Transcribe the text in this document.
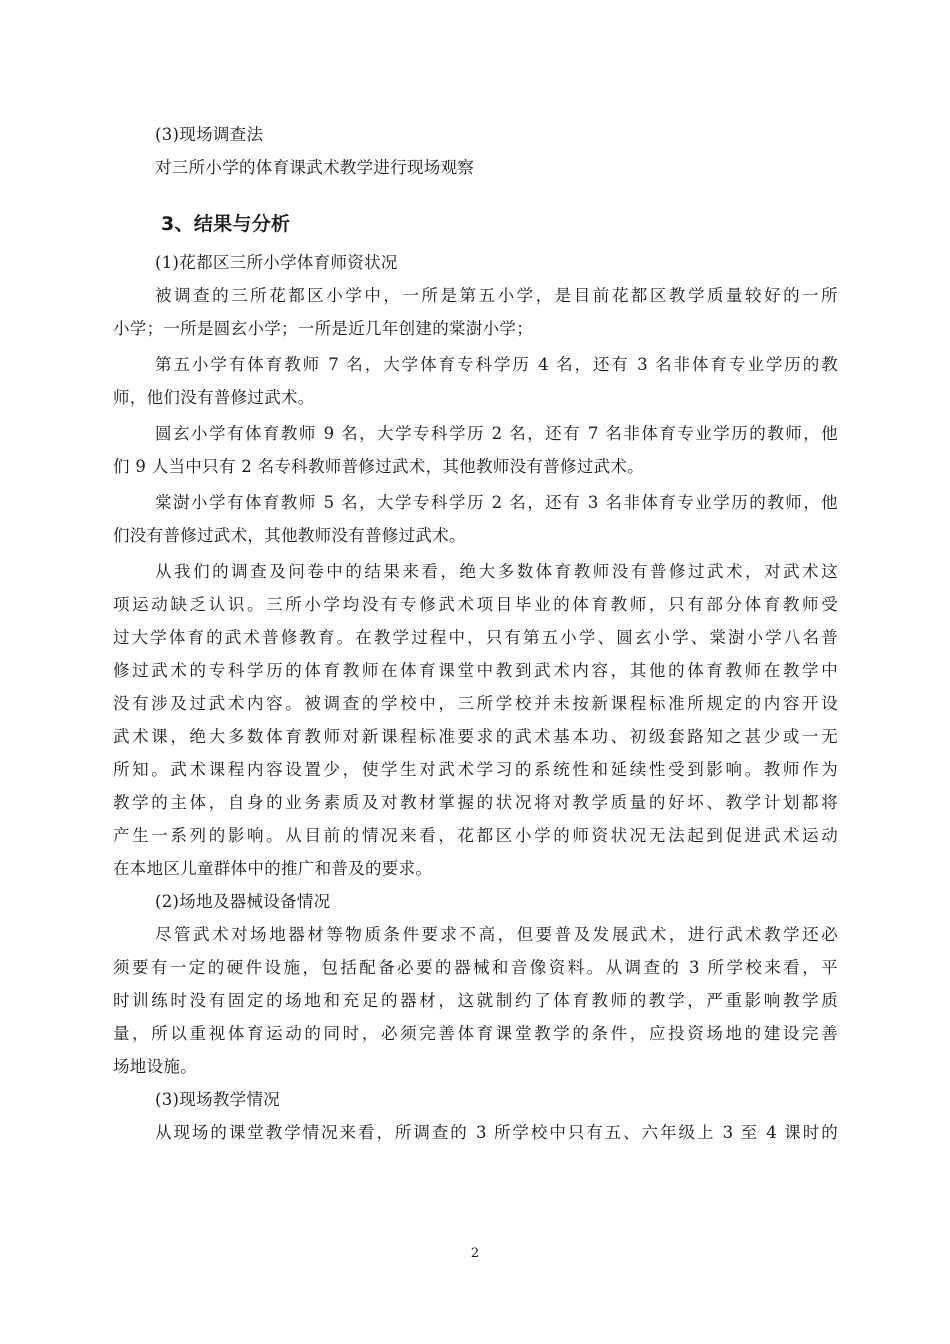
(3)现场调查法
对三所小学的体育课武术教学进行现场观察
3、结果与分析
(1)花都区三所小学体育师资状况
被调查的三所花都区小学中，一所是第五小学，是目前花都区教学质量较好的一所
小学；一所是圆玄小学；一所是近几年创建的棠澍小学；
第五小学有体育教师 7 名，大学体育专科学历 4 名，还有 3 名非体育专业学历的教
师，他们没有普修过武术。
圆玄小学有体育教师 9 名，大学专科学历 2 名，还有 7 名非体育专业学历的教师，他
们 9 人当中只有 2 名专科教师普修过武术，其他教师没有普修过武术。
棠澍小学有体育教师 5 名，大学专科学历 2 名，还有 3 名非体育专业学历的教师，他
们没有普修过武术，其他教师没有普修过武术。
从我们的调查及问卷中的结果来看，绝大多数体育教师没有普修过武术，对武术这
项运动缺乏认识。三所小学均没有专修武术项目毕业的体育教师，只有部分体育教师受
过大学体育的武术普修教育。在教学过程中，只有第五小学、圆玄小学、棠澍小学八名普
修过武术的专科学历的体育教师在体育课堂中教到武术内容，其他的体育教师在教学中
没有涉及过武术内容。被调查的学校中，三所学校并未按新课程标准所规定的内容开设
武术课，绝大多数体育教师对新课程标准要求的武术基本功、初级套路知之甚少或一无
所知。武术课程内容设置少，使学生对武术学习的系统性和延续性受到影响。教师作为
教学的主体，自身的业务素质及对教材掌握的状况将对教学质量的好坏、教学计划都将
产生一系列的影响。从目前的情况来看，花都区小学的师资状况无法起到促进武术运动
在本地区儿童群体中的推广和普及的要求。
(2)场地及器械设备情况
尽管武术对场地器材等物质条件要求不高，但要普及发展武术，进行武术教学还必
须要有一定的硬件设施，包括配备必要的器械和音像资料。从调查的 3 所学校来看，平
时训练时没有固定的场地和充足的器材，这就制约了体育教师的教学，严重影响教学质
量，所以重视体育运动的同时，必须完善体育课堂教学的条件，应投资场地的建设完善
场地设施。
(3)现场教学情况
从现场的课堂教学情况来看，所调查的 3 所学校中只有五、六年级上 3 至 4 课时的
2
